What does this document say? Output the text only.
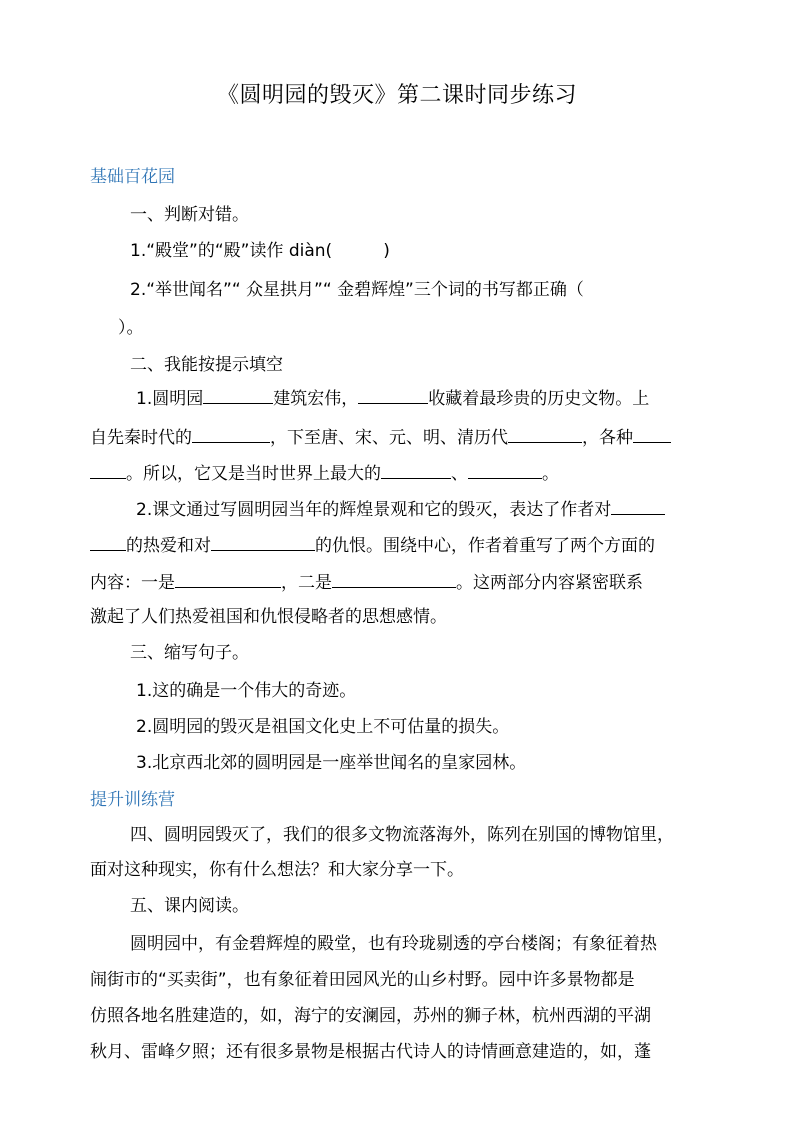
《圆明园的毁灭》第二课时同步练习
基础百花园
一、判断对错。
1.“殿堂”的“殿”读作 diàn(　　　)
2.“举世闻名”“ 众星拱月”“ 金碧辉煌”三个词的书写都正确（
）。
二、我能按提示填空
1.圆明园	建筑宏伟，	收藏着最珍贵的历史文物。上
自先秦时代的	，下至唐、宋、元、明、清历代	，各种
。所以，它又是当时世界上最大的	、	。
2.课文通过写圆明园当年的辉煌景观和它的毁灭，表达了作者对
的热爱和对	的仇恨。围绕中心，作者着重写了两个方面的
内容：一是	，二是	。这两部分内容紧密联系
激起了人们热爱祖国和仇恨侵略者的思想感情。
三、缩写句子。
1.这的确是一个伟大的奇迹。
2.圆明园的毁灭是祖国文化史上不可估量的损失。
3.北京西北郊的圆明园是一座举世闻名的皇家园林。
提升训练营
四、圆明园毁灭了，我们的很多文物流落海外，陈列在别国的博物馆里，
面对这种现实，你有什么想法？和大家分享一下。
五、课内阅读。
圆明园中，有金碧辉煌的殿堂，也有玲珑剔透的亭台楼阁；有象征着热
闹街市的“买卖街”，也有象征着田园风光的山乡村野。园中许多景物都是
仿照各地名胜建造的，如，海宁的安澜园，苏州的狮子林，杭州西湖的平湖
秋月、雷峰夕照；还有很多景物是根据古代诗人的诗情画意建造的，如，蓬
